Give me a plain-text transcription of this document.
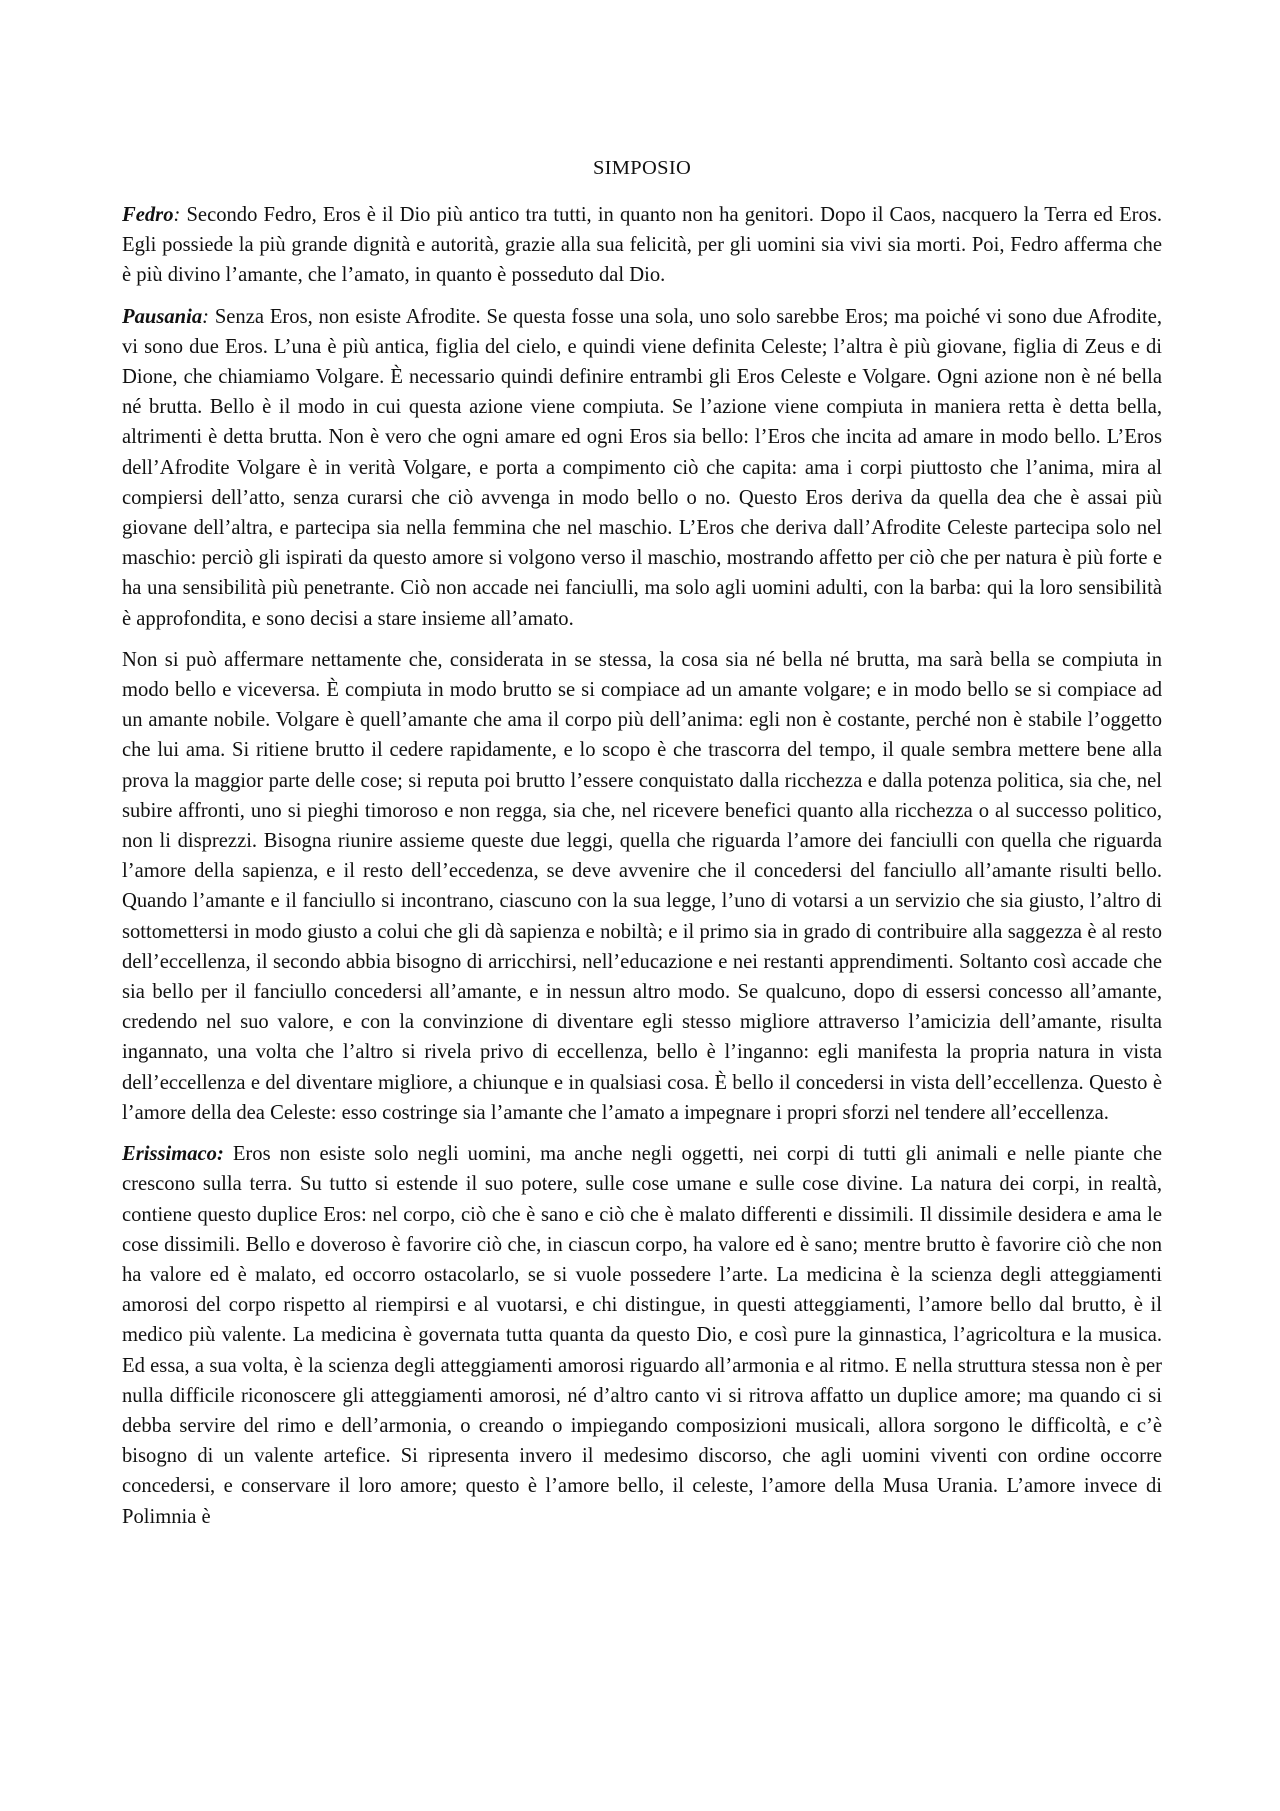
SIMPOSIO

Fedro: Secondo Fedro, Eros è il Dio più antico tra tutti, in quanto non ha genitori. Dopo il Caos, nacquero la Terra ed Eros. Egli possiede la più grande dignità e autorità, grazie alla sua felicità, per gli uomini sia vivi sia morti. Poi, Fedro afferma che è più divino l’amante, che l’amato, in quanto è posseduto dal Dio.

Pausania: Senza Eros, non esiste Afrodite. Se questa fosse una sola, uno solo sarebbe Eros; ma poiché vi sono due Afrodite, vi sono due Eros. L’una è più antica, figlia del cielo, e quindi viene definita Celeste; l’altra è più giovane, figlia di Zeus e di Dione, che chiamiamo Volgare. È necessario quindi definire entrambi gli Eros Celeste e Volgare. Ogni azione non è né bella né brutta. Bello è il modo in cui questa azione viene compiuta. Se l’azione viene compiuta in maniera retta è detta bella, altrimenti è detta brutta. Non è vero che ogni amare ed ogni Eros sia bello: l’Eros che incita ad amare in modo bello. L’Eros dell’Afrodite Volgare è in verità Volgare, e porta a compimento ciò che capita: ama i corpi piuttosto che l’anima, mira al compiersi dell’atto, senza curarsi che ciò avvenga in modo bello o no. Questo Eros deriva da quella dea che è assai più giovane dell’altra, e partecipa sia nella femmina che nel maschio. L’Eros che deriva dall’Afrodite Celeste partecipa solo nel maschio: perciò gli ispirati da questo amore si volgono verso il maschio, mostrando affetto per ciò che per natura è più forte e ha una sensibilità più penetrante. Ciò non accade nei fanciulli, ma solo agli uomini adulti, con la barba: qui la loro sensibilità è approfondita, e sono decisi a stare insieme all’amato.

Non si può affermare nettamente che, considerata in se stessa, la cosa sia né bella né brutta, ma sarà bella se compiuta in modo bello e viceversa. È compiuta in modo brutto se si compiace ad un amante volgare; e in modo bello se si compiace ad un amante nobile. Volgare è quell’amante che ama il corpo più dell’anima: egli non è costante, perché non è stabile l’oggetto che lui ama. Si ritiene brutto il cedere rapidamente, e lo scopo è che trascorra del tempo, il quale sembra mettere bene alla prova la maggior parte delle cose; si reputa poi brutto l’essere conquistato dalla ricchezza e dalla potenza politica, sia che, nel subire affronti, uno si pieghi timoroso e non regga, sia che, nel ricevere benefici quanto alla ricchezza o al successo politico, non li disprezzi. Bisogna riunire assieme queste due leggi, quella che riguarda l’amore dei fanciulli con quella che riguarda l’amore della sapienza, e il resto dell’eccedenza, se deve avvenire che il concedersi del fanciullo all’amante risulti bello. Quando l’amante e il fanciullo si incontrano, ciascuno con la sua legge, l’uno di votarsi a un servizio che sia giusto, l’altro di sottomettersi in modo giusto a colui che gli dà sapienza e nobiltà; e il primo sia in grado di contribuire alla saggezza è al resto dell’eccellenza, il secondo abbia bisogno di arricchirsi, nell’educazione e nei restanti apprendimenti. Soltanto così accade che sia bello per il fanciullo concedersi all’amante, e in nessun altro modo. Se qualcuno, dopo di essersi concesso all’amante, credendo nel suo valore, e con la convinzione di diventare egli stesso migliore attraverso l’amicizia dell’amante, risulta ingannato, una volta che l’altro si rivela privo di eccellenza, bello è l’inganno: egli manifesta la propria natura in vista dell’eccellenza e del diventare migliore, a chiunque e in qualsiasi cosa. È bello il concedersi in vista dell’eccellenza. Questo è l’amore della dea Celeste: esso costringe sia l’amante che l’amato a impegnare i propri sforzi nel tendere all’eccellenza.

Erissimaco: Eros non esiste solo negli uomini, ma anche negli oggetti, nei corpi di tutti gli animali e nelle piante che crescono sulla terra. Su tutto si estende il suo potere, sulle cose umane e sulle cose divine. La natura dei corpi, in realtà, contiene questo duplice Eros: nel corpo, ciò che è sano e ciò che è malato differenti e dissimili. Il dissimile desidera e ama le cose dissimili. Bello e doveroso è favorire ciò che, in ciascun corpo, ha valore ed è sano; mentre brutto è favorire ciò che non ha valore ed è malato, ed occorro ostacolarlo, se si vuole possedere l’arte. La medicina è la scienza degli atteggiamenti amorosi del corpo rispetto al riempirsi e al vuotarsi, e chi distingue, in questi atteggiamenti, l’amore bello dal brutto, è il medico più valente. La medicina è governata tutta quanta da questo Dio, e così pure la ginnastica, l’agricoltura e la musica. Ed essa, a sua volta, è la scienza degli atteggiamenti amorosi riguardo all’armonia e al ritmo. E nella struttura stessa non è per nulla difficile riconoscere gli atteggiamenti amorosi, né d’altro canto vi si ritrova affatto un duplice amore; ma quando ci si debba servire del rimo e dell’armonia, o creando o impiegando composizioni musicali, allora sorgono le difficoltà, e c’è bisogno di un valente artefice. Si ripresenta invero il medesimo discorso, che agli uomini viventi con ordine occorre concedersi, e conservare il loro amore; questo è l’amore bello, il celeste, l’amore della Musa Urania. L’amore invece di Polimnia è
